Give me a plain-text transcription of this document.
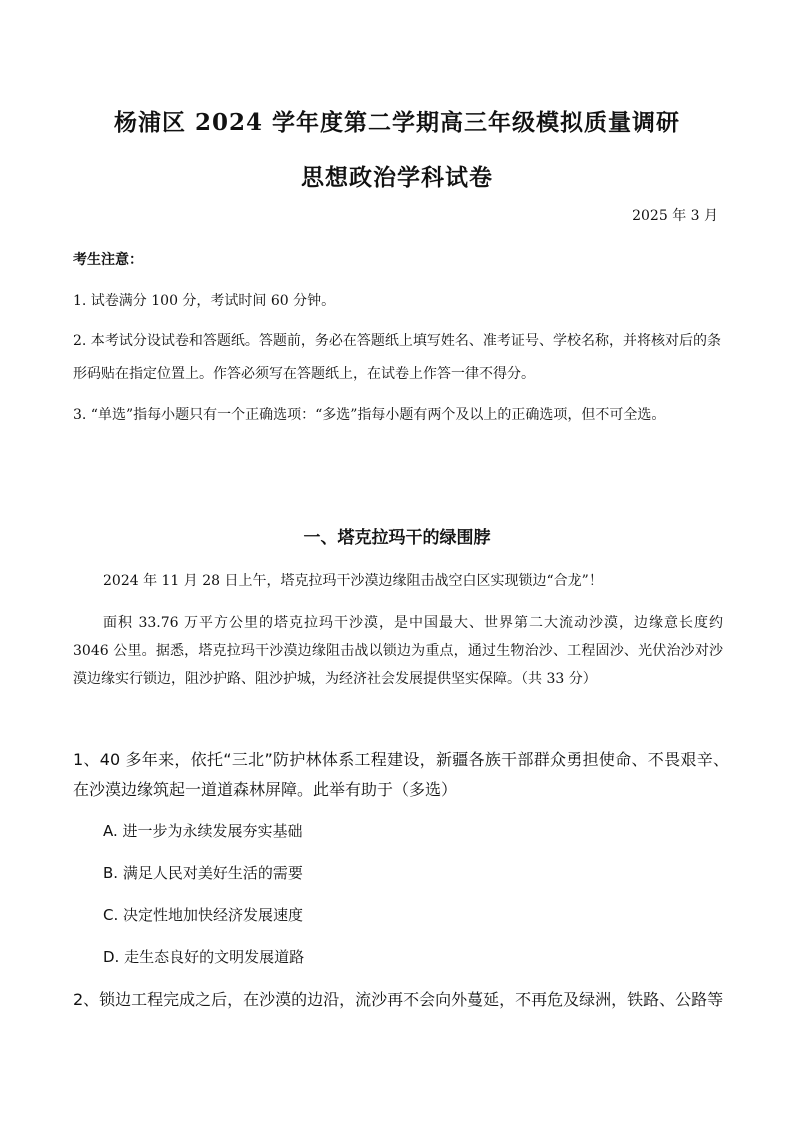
杨浦区 2024 学年度第二学期高三年级模拟质量调研
思想政治学科试卷
2025 年 3 月
考生注意：

1. 试卷满分 100 分，考试时间 60 分钟。

2. 本考试分设试卷和答题纸。答题前，务必在答题纸上填写姓名、准考证号、学校名称，并将核对后的条形码贴在指定位置上。作答必须写在答题纸上，在试卷上作答一律不得分。

3. “单选”指每小题只有一个正确选项：“多选”指每小题有两个及以上的正确选项，但不可全选。

一、塔克拉玛干的绿围脖

2024 年 11 月 28 日上午，塔克拉玛干沙漠边缘阻击战空白区实现锁边“合龙”！

面积 33.76 万平方公里的塔克拉玛干沙漠，是中国最大、世界第二大流动沙漠，边缘意长度约 3046 公里。据悉，塔克拉玛干沙漠边缘阻击战以锁边为重点，通过生物治沙、工程固沙、光伏治沙对沙漠边缘实行锁边，阻沙护路、阻沙护城，为经济社会发展提供坚实保障。（共 33 分）

1、40 多年来，依托“三北”防护林体系工程建设，新疆各族干部群众勇担使命、不畏艰辛、在沙漠边缘筑起一道道森林屏障。此举有助于（多选）

A. 进一步为永续发展夯实基础
B. 满足人民对美好生活的需要
C. 决定性地加快经济发展速度
D. 走生态良好的文明发展道路

2、锁边工程完成之后，在沙漠的边沿，流沙再不会向外蔓延，不再危及绿洲，铁路、公路等
